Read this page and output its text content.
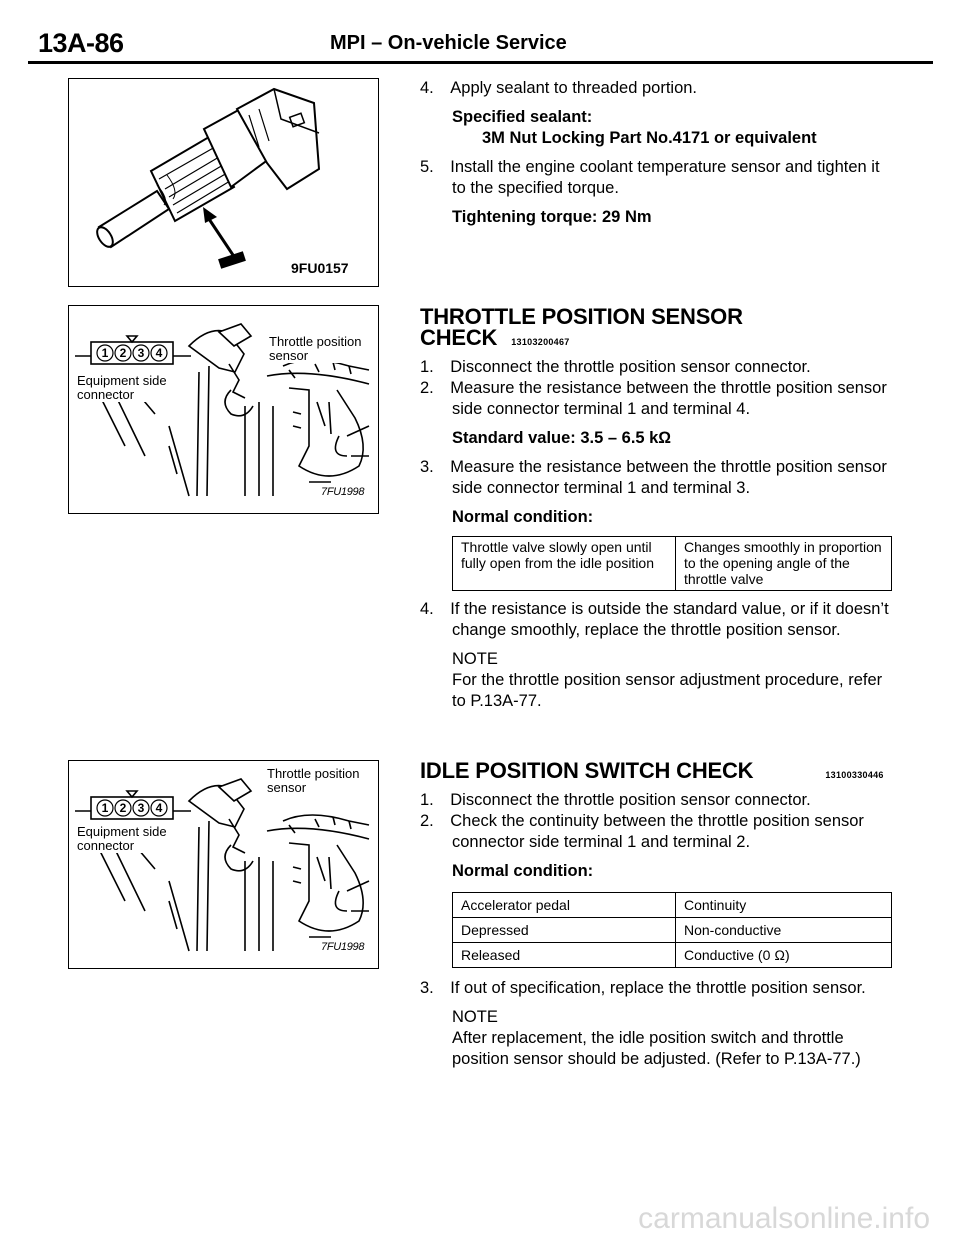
13A-86	MPI – On-vehicle Service
9FU0157
1 2 3 4
Throttle position sensor
Equipment side connector
7FU1998
1 2 3 4
Throttle position sensor
Equipment side connector
7FU1998
4. Apply sealant to threaded portion.
Specified sealant:
3M Nut Locking Part No.4171 or equivalent
5. Install the engine coolant temperature sensor and tighten it to the specified torque.
Tightening torque: 29 Nm
THROTTLE POSITION SENSOR CHECK 13103200467
1. Disconnect the throttle position sensor connector.
2. Measure the resistance between the throttle position sensor side connector terminal 1 and terminal 4.
Standard value: 3.5 – 6.5 kΩ
3. Measure the resistance between the throttle position sensor side connector terminal 1 and terminal 3.
Normal condition:
Throttle valve slowly open until fully open from the idle position	Changes smoothly in proportion to the opening angle of the throttle valve
4. If the resistance is outside the standard value, or if it doesn’t change smoothly, replace the throttle position sensor.
NOTE
For the throttle position sensor adjustment procedure, refer to P.13A-77.
IDLE POSITION SWITCH CHECK	13100330446
1. Disconnect the throttle position sensor connector.
2. Check the continuity between the throttle position sensor connector side terminal 1 and terminal 2.
Normal condition:
Accelerator pedal	Continuity
Depressed	Non-conductive
Released	Conductive (0 Ω)
3. If out of specification, replace the throttle position sensor.
NOTE
After replacement, the idle position switch and throttle position sensor should be adjusted. (Refer to P.13A-77.)
carmanualsonline.info
